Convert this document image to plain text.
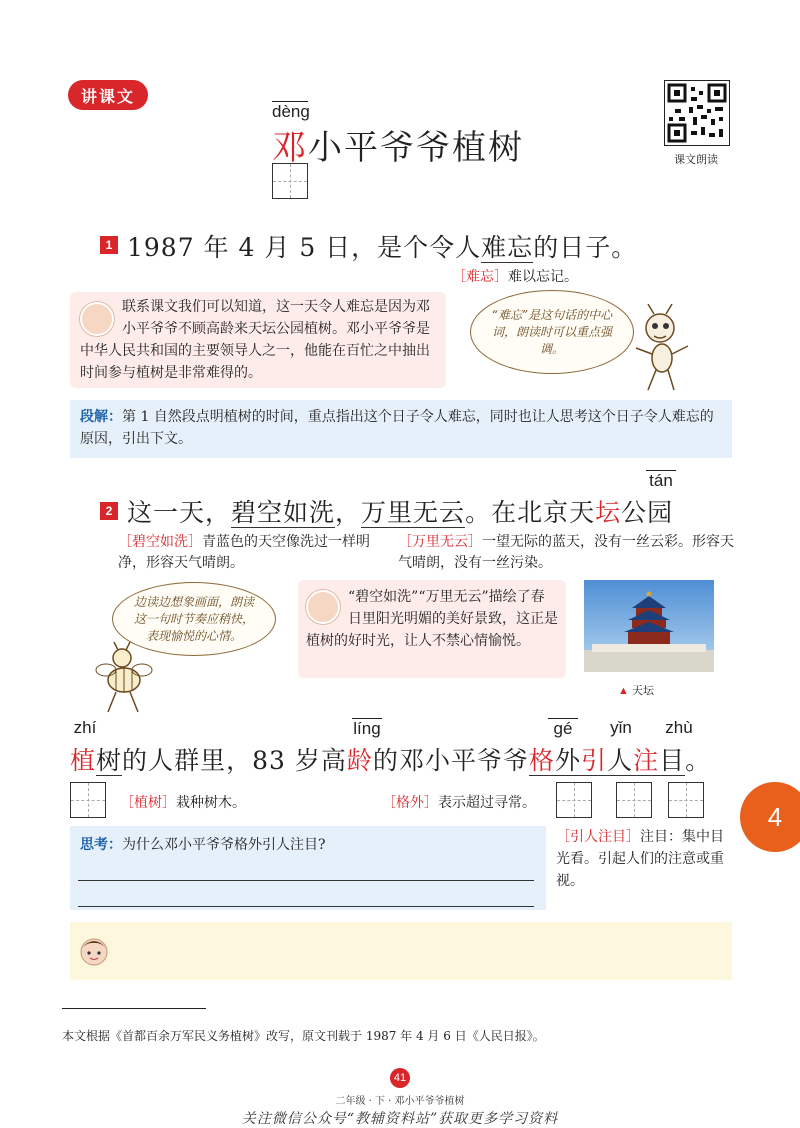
讲课文
课文朗读
dèng
邓小平爷爷植树
1 1987 年 4 月 5 日，是个令人难忘的日子。
［难忘］难以忘记。
联系课文我们可以知道，这一天令人难忘是因为邓小平爷爷不顾高龄来天坛公园植树。邓小平爷爷是中华人民共和国的主要领导人之一，他能在百忙之中抽出时间参与植树是非常难得的。
“难忘”是这句话的中心词，朗读时可以重点强调。
段解：第 1 自然段点明植树的时间，重点指出这个日子令人难忘，同时也让人思考这个日子令人难忘的原因，引出下文。
tán
2 这一天，碧空如洗，万里无云。在北京天坛公园
［碧空如洗］青蓝色的天空像洗过一样明净，形容天气晴朗。
［万里无云］一望无际的蓝天，没有一丝云彩。形容天气晴朗，没有一丝污染。
边读边想象画面，朗读这一句时节奏应稍快，表现愉悦的心情。
“碧空如洗”“万里无云”描绘了春日里阳光明媚的美好景致，这正是植树的好时光，让人不禁心情愉悦。
▲ 天坛
zhí	líng	gé	yǐn zhù
植树的人群里，83 岁高龄的邓小平爷爷格外引人注目。
［植树］栽种树木。	［格外］表示超过寻常。	4
思考：为什么邓小平爷爷格外引人注目?	［引人注目］注目：集中目光看。引起人们的注意或重视。
本文根据《首都百余万军民义务植树》改写，原文刊载于 1987 年 4 月 6 日《人民日报》。
41
二年级 · 下 · 邓小平爷爷植树
关注微信公众号“教辅资料站”获取更多学习资料
